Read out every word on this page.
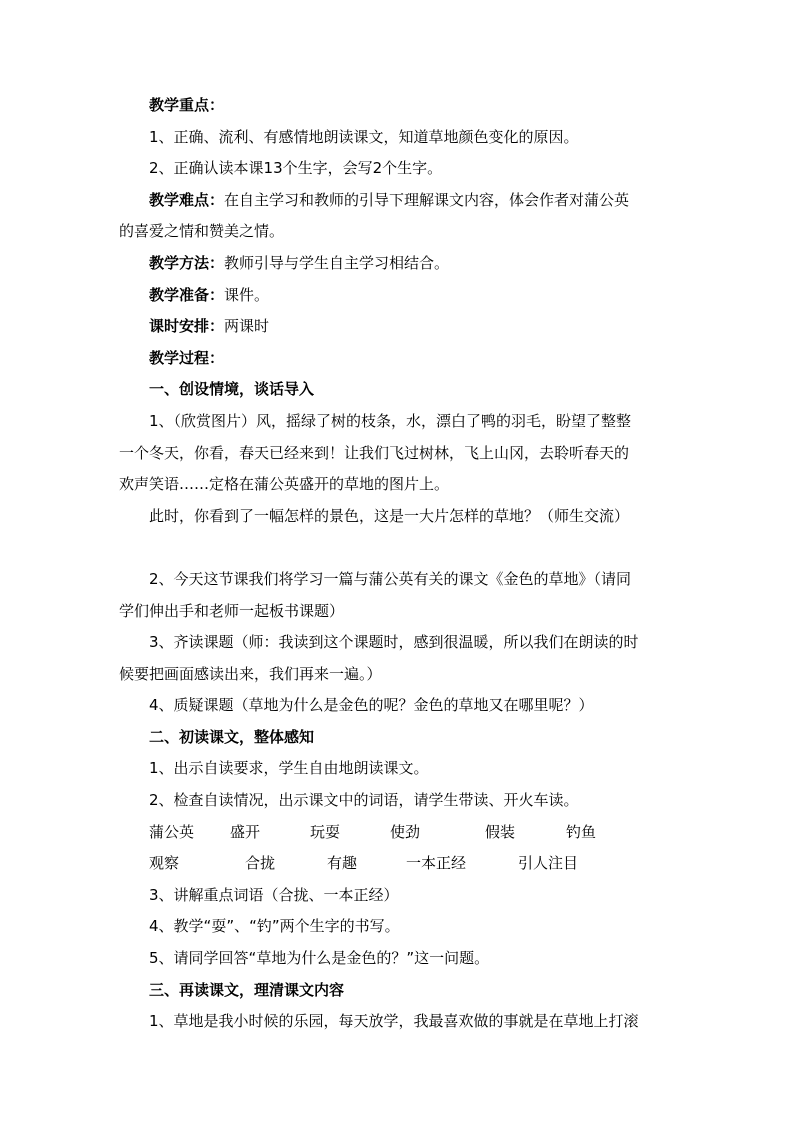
教学重点：
1、正确、流利、有感情地朗读课文，知道草地颜色变化的原因。
2、正确认读本课13个生字，会写2个生字。
教学难点：在自主学习和教师的引导下理解课文内容，体会作者对蒲公英
的喜爱之情和赞美之情。
教学方法：教师引导与学生自主学习相结合。
教学准备：课件。
课时安排：两课时
教学过程：
一、创设情境，谈话导入
1、（欣赏图片）风，摇绿了树的枝条，水，漂白了鸭的羽毛，盼望了整整
一个冬天，你看，春天已经来到！让我们飞过树林，飞上山冈，去聆听春天的
欢声笑语……定格在蒲公英盛开的草地的图片上。
此时，你看到了一幅怎样的景色，这是一大片怎样的草地？（师生交流）
2、今天这节课我们将学习一篇与蒲公英有关的课文《金色的草地》（请同
学们伸出手和老师一起板书课题）
3、齐读课题（师：我读到这个课题时，感到很温暖，所以我们在朗读的时
候要把画面感读出来，我们再来一遍。）
4、质疑课题（草地为什么是金色的呢？金色的草地又在哪里呢？）
二、初读课文，整体感知
1、出示自读要求，学生自由地朗读课文。
2、检查自读情况，出示课文中的词语，请学生带读、开火车读。
蒲公英 盛开	玩耍	使劲	假装	钓鱼
观察	合拢	有趣	一本正经	引人注目
3、讲解重点词语（合拢、一本正经）
4、教学“耍”、“钓”两个生字的书写。
5、请同学回答“草地为什么是金色的？”这一问题。
三、再读课文，理清课文内容
1、草地是我小时候的乐园，每天放学，我最喜欢做的事就是在草地上打滚
